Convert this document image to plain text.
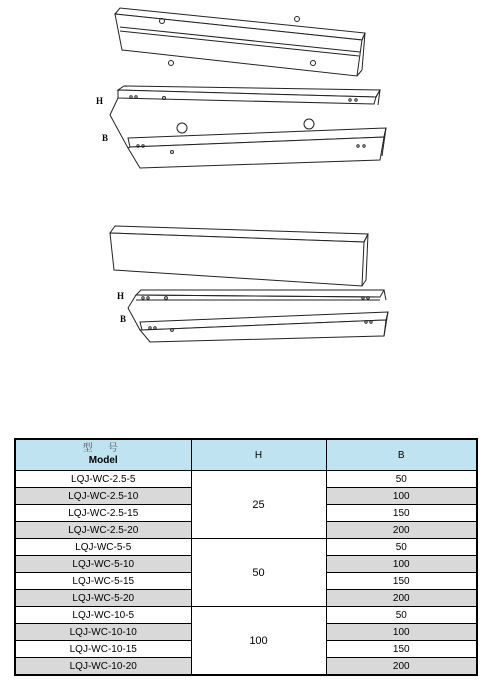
H
B
H
B
型 号
Model	H	B
LQJ-WC-2.5-5	25	50
LQJ-WC-2.5-10		100
LQJ-WC-2.5-15		150
LQJ-WC-2.5-20		200
LQJ-WC-5-5	50	50
LQJ-WC-5-10		100
LQJ-WC-5-15		150
LQJ-WC-5-20		200
LQJ-WC-10-5	100	50
LQJ-WC-10-10		100
LQJ-WC-10-15		150
LQJ-WC-10-20		200
